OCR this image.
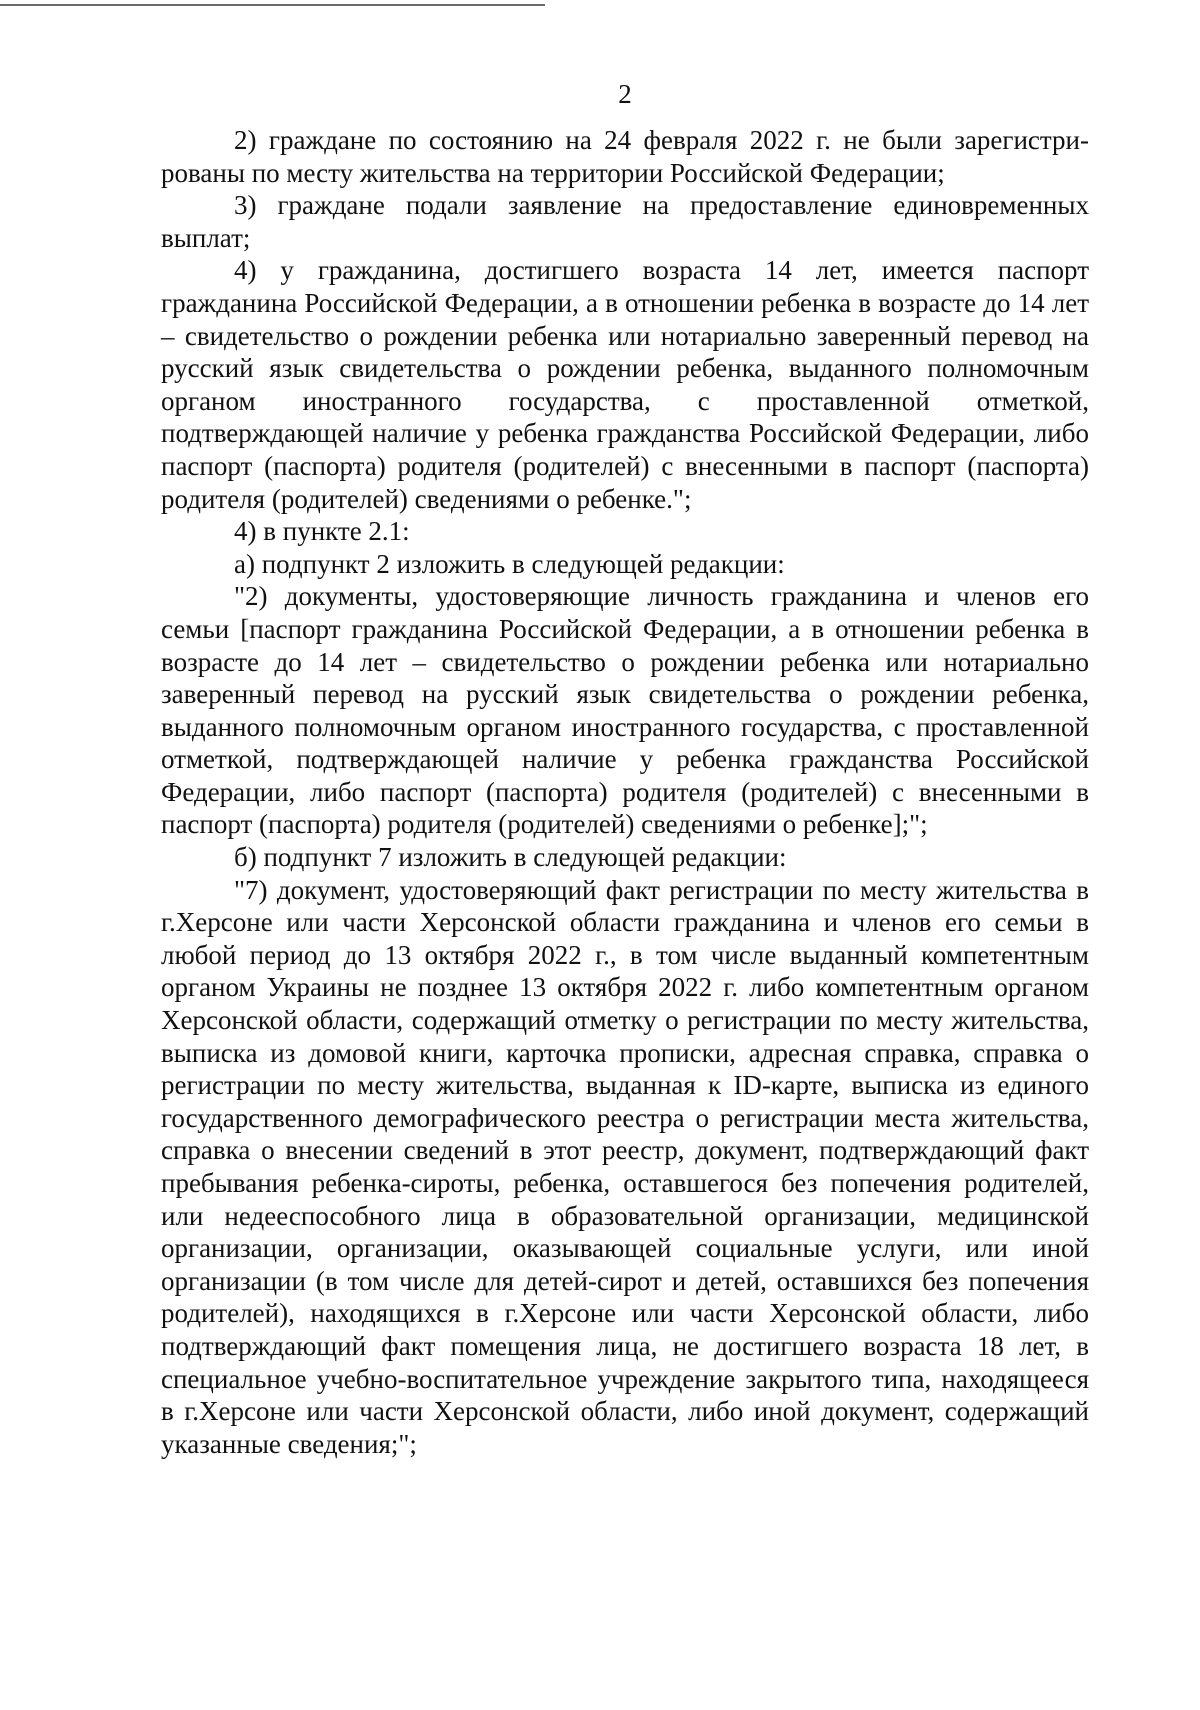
2

2) граждане по состоянию на 24 февраля 2022 г. не были зарегистрированы по месту жительства на территории Российской Федерации;

3) граждане подали заявление на предоставление единовременных выплат;

4) у гражданина, достигшего возраста 14 лет, имеется паспорт гражданина Российской Федерации, а в отношении ребенка в возрасте до 14 лет – свидетельство о рождении ребенка или нотариально заверенный перевод на русский язык свидетельства о рождении ребенка, выданного полномочным органом иностранного государства, с проставленной отметкой, подтверждающей наличие у ребенка гражданства Российской Федерации, либо паспорт (паспорта) родителя (родителей) с внесенными в паспорт (паспорта) родителя (родителей) сведениями о ребенке.";

4) в пункте 2.1:

а) подпункт 2 изложить в следующей редакции:

"2) документы, удостоверяющие личность гражданина и членов его семьи [паспорт гражданина Российской Федерации, а в отношении ребенка в возрасте до 14 лет – свидетельство о рождении ребенка или нотариально заверенный перевод на русский язык свидетельства о рождении ребенка, выданного полномочным органом иностранного государства, с проставленной отметкой, подтверждающей наличие у ребенка гражданства Российской Федерации, либо паспорт (паспорта) родителя (родителей) с внесенными в паспорт (паспорта) родителя (родителей) сведениями о ребенке];";

б) подпункт 7 изложить в следующей редакции:

"7) документ, удостоверяющий факт регистрации по месту жительства в г.Херсоне или части Херсонской области гражданина и членов его семьи в любой период до 13 октября 2022 г., в том числе выданный компетентным органом Украины не позднее 13 октября 2022 г. либо компетентным органом Херсонской области, содержащий отметку о регистрации по месту жительства, выписка из домовой книги, карточка прописки, адресная справка, справка о регистрации по месту жительства, выданная к ID-карте, выписка из единого государственного демографического реестра о регистрации места жительства, справка о внесении сведений в этот реестр, документ, подтверждающий факт пребывания ребенка-сироты, ребенка, оставшегося без попечения родителей, или недееспособного лица в образовательной организации, медицинской организации, организации, оказывающей социальные услуги, или иной организации (в том числе для детей-сирот и детей, оставшихся без попечения родителей), находящихся в г.Херсоне или части Херсонской области, либо подтверждающий факт помещения лица, не достигшего возраста 18 лет, в специальное учебно-воспитательное учреждение закрытого типа, находящееся в г.Херсоне или части Херсонской области, либо иной документ, содержащий указанные сведения;";
